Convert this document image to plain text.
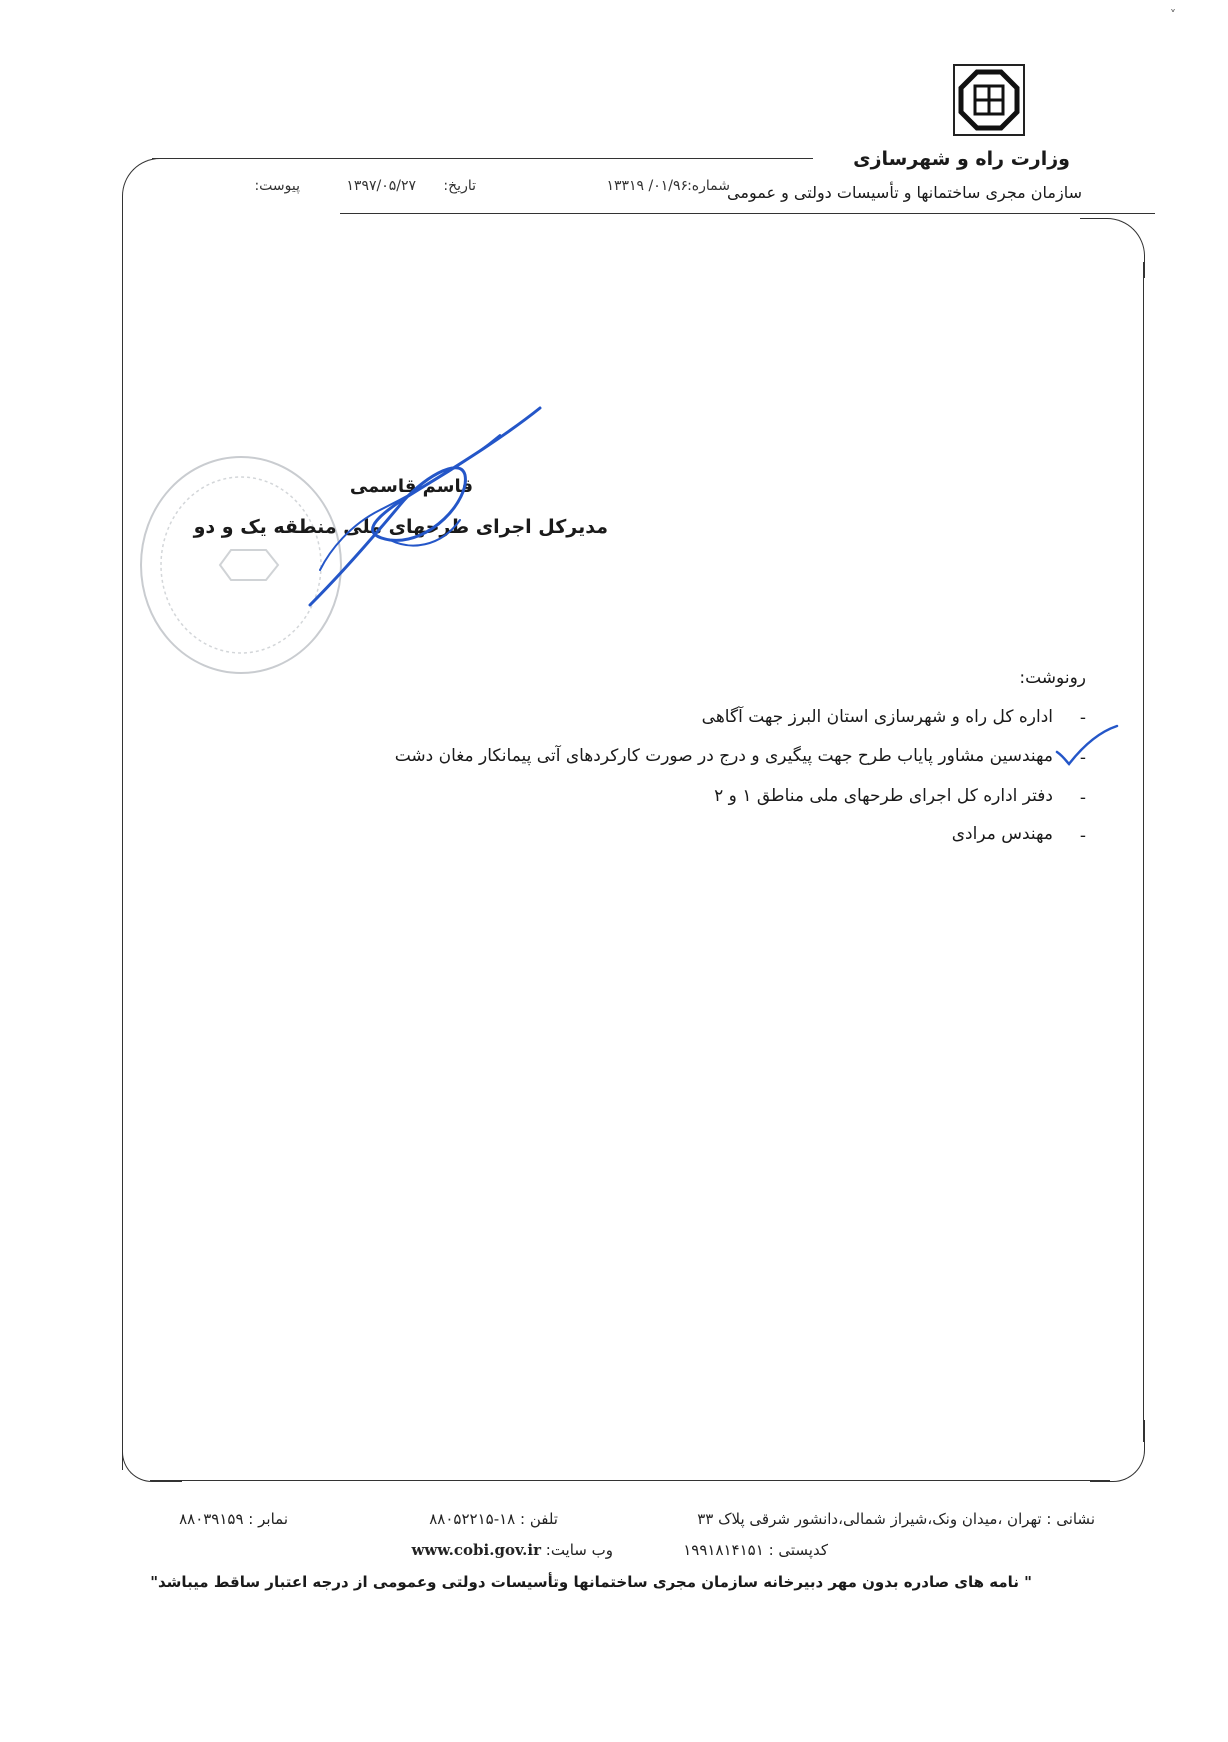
˅
وزارت راه و شهرسازی
سازمان مجری ساختمانها و تأسیسات دولتی و عمومی
شماره:
۱۳۳۱۹ /۰۱/۹۶
تاریخ:
۱۳۹۷/۰۵/۲۷
پیوست:
قاسم قاسمی
مدیرکل اجرای طرحهای ملی منطقه یک و دو
رونوشت:
-
-
-
-
اداره کل راه و شهرسازی استان البرز جهت آگاهی
مهندسین مشاور پایاب طرح جهت پیگیری و درج در صورت کارکردهای آتی پیمانکار مغان دشت
دفتر اداره کل اجرای طرحهای ملی مناطق ۱ و ۲
مهندس مرادی
نشانی : تهران ،میدان ونک،شیراز شمالی،دانشور شرقی پلاک ۳۳
تلفن : ۱۸-۸۸۰۵۲۲۱۵
نمابر : ۸۸۰۳۹۱۵۹
کدپستی : ۱۹۹۱۸۱۴۱۵۱
وب سایت: www.cobi.gov.ir
" نامه های صادره بدون مهر دبیرخانه سازمان مجری ساختمانها وتأسیسات دولتی وعمومی از درجه اعتبار ساقط میباشد"
